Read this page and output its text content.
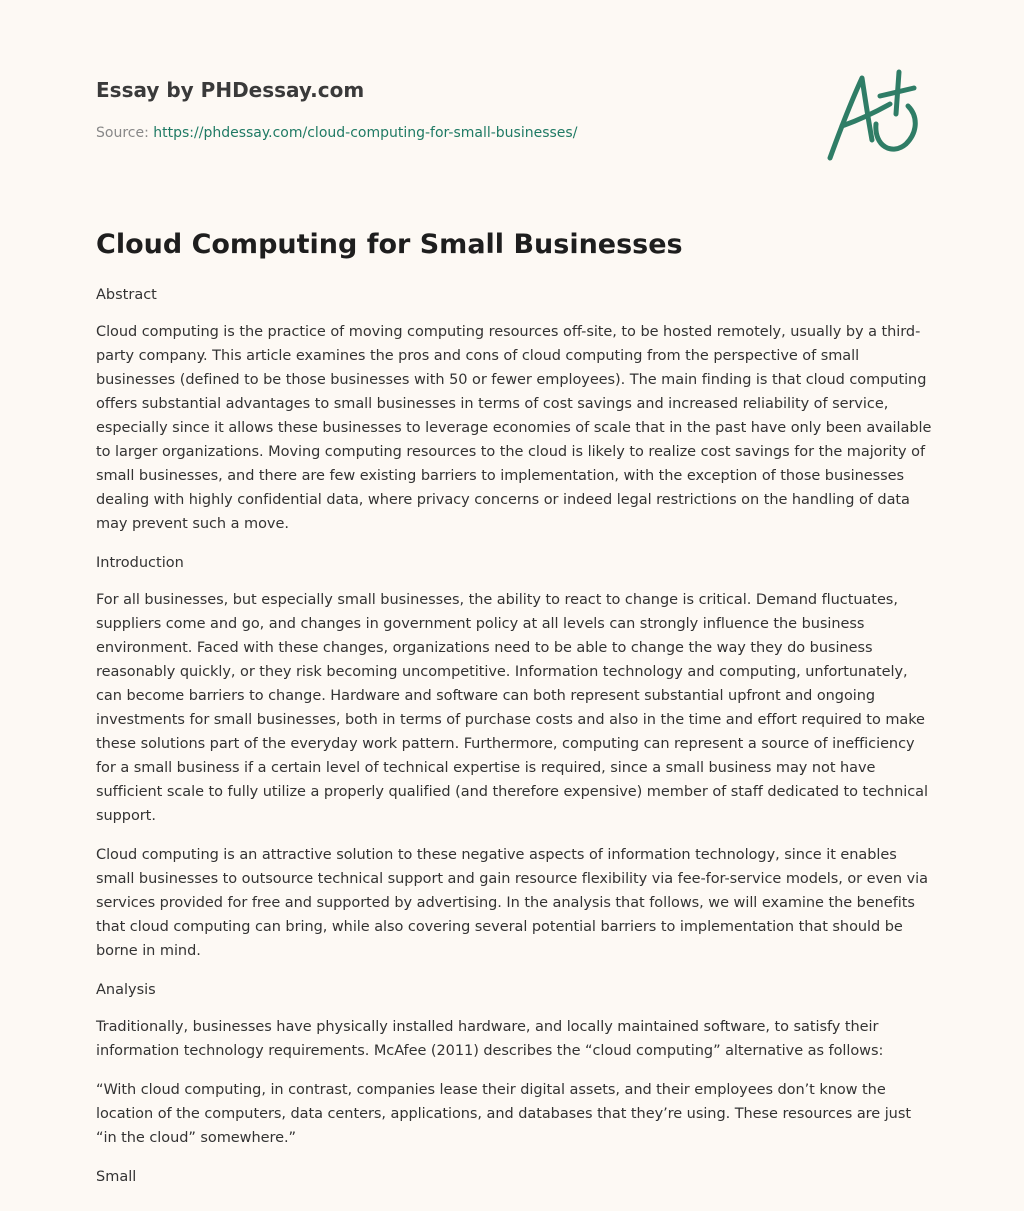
Essay by PHDessay.com
Source: https://phdessay.com/cloud-computing-for-small-businesses/
Cloud Computing for Small Businesses
Abstract

Cloud computing is the practice of moving computing resources off-site, to be hosted remotely, usually by a third-party company. This article examines the pros and cons of cloud computing from the perspective of small businesses (defined to be those businesses with 50 or fewer employees). The main finding is that cloud computing offers substantial advantages to small businesses in terms of cost savings and increased reliability of service, especially since it allows these businesses to leverage economies of scale that in the past have only been available to larger organizations. Moving computing resources to the cloud is likely to realize cost savings for the majority of small businesses, and there are few existing barriers to implementation, with the exception of those businesses dealing with highly confidential data, where privacy concerns or indeed legal restrictions on the handling of data may prevent such a move.

Introduction

For all businesses, but especially small businesses, the ability to react to change is critical. Demand fluctuates, suppliers come and go, and changes in government policy at all levels can strongly influence the business environment. Faced with these changes, organizations need to be able to change the way they do business reasonably quickly, or they risk becoming uncompetitive. Information technology and computing, unfortunately, can become barriers to change. Hardware and software can both represent substantial upfront and ongoing investments for small businesses, both in terms of purchase costs and also in the time and effort required to make these solutions part of the everyday work pattern. Furthermore, computing can represent a source of inefficiency for a small business if a certain level of technical expertise is required, since a small business may not have sufficient scale to fully utilize a properly qualified (and therefore expensive) member of staff dedicated to technical support.

Cloud computing is an attractive solution to these negative aspects of information technology, since it enables small businesses to outsource technical support and gain resource flexibility via fee-for-service models, or even via services provided for free and supported by advertising. In the analysis that follows, we will examine the benefits that cloud computing can bring, while also covering several potential barriers to implementation that should be borne in mind.

Analysis

Traditionally, businesses have physically installed hardware, and locally maintained software, to satisfy their information technology requirements. McAfee (2011) describes the “cloud computing” alternative as follows:

“With cloud computing, in contrast, companies lease their digital assets, and their employees don’t know the location of the computers, data centers, applications, and databases that they’re using. These resources are just “in the cloud” somewhere.”

Small
